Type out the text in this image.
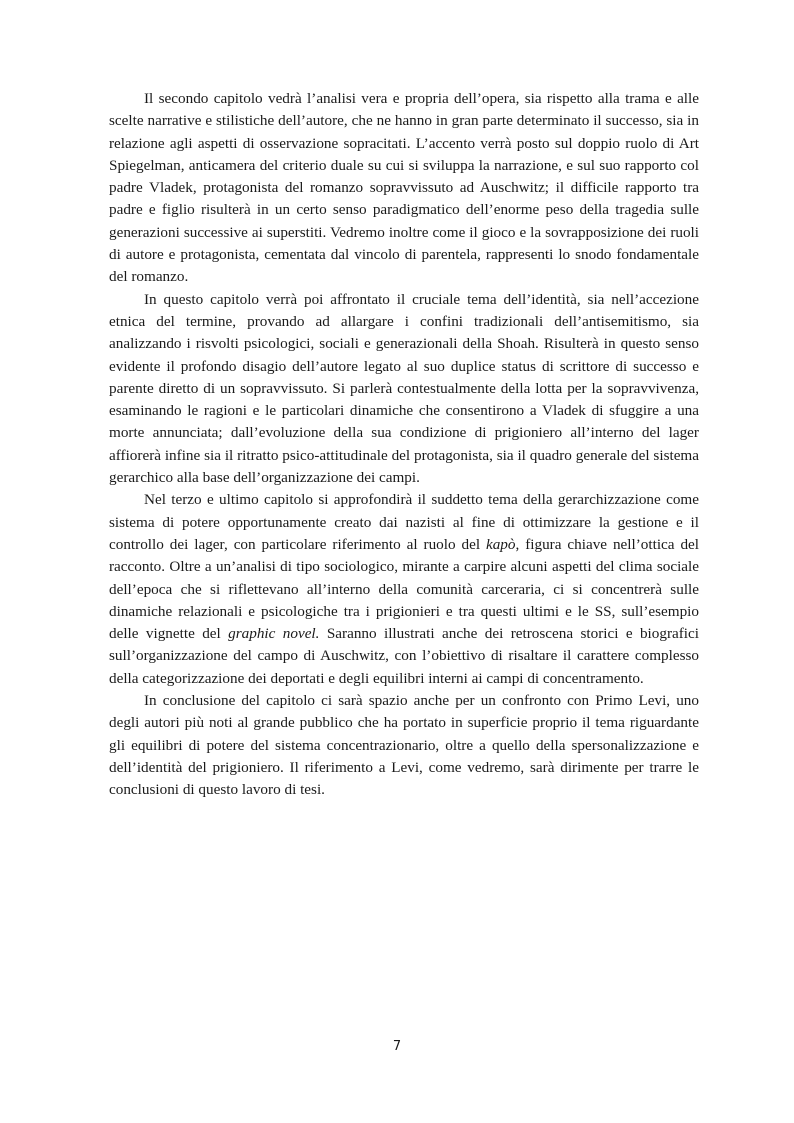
Il secondo capitolo vedrà l’analisi vera e propria dell’opera, sia rispetto alla trama e alle scelte narrative e stilistiche dell’autore, che ne hanno in gran parte determinato il successo, sia in relazione agli aspetti di osservazione sopracitati. L’accento verrà posto sul doppio ruolo di Art Spiegelman, anticamera del criterio duale su cui si sviluppa la narrazione, e sul suo rapporto col padre Vladek, protagonista del romanzo sopravvissuto ad Auschwitz; il difficile rapporto tra padre e figlio risulterà in un certo senso paradigmatico dell’enorme peso della tragedia sulle generazioni successive ai superstiti. Vedremo inoltre come il gioco e la sovrapposizione dei ruoli di autore e protagonista, cementata dal vincolo di parentela, rappresenti lo snodo fondamentale del romanzo.

In questo capitolo verrà poi affrontato il cruciale tema dell’identità, sia nell’accezione etnica del termine, provando ad allargare i confini tradizionali dell’antisemitismo, sia analizzando i risvolti psicologici, sociali e generazionali della Shoah. Risulterà in questo senso evidente il profondo disagio dell’autore legato al suo duplice status di scrittore di successo e parente diretto di un sopravvissuto. Si parlerà contestualmente della lotta per la sopravvivenza, esaminando le ragioni e le particolari dinamiche che consentirono a Vladek di sfuggire a una morte annunciata; dall’evoluzione della sua condizione di prigioniero all’interno del lager affiorerà infine sia il ritratto psico-attitudinale del protagonista, sia il quadro generale del sistema gerarchico alla base dell’organizzazione dei campi.

Nel terzo e ultimo capitolo si approfondirà il suddetto tema della gerarchizzazione come sistema di potere opportunamente creato dai nazisti al fine di ottimizzare la gestione e il controllo dei lager, con particolare riferimento al ruolo del kapò, figura chiave nell’ottica del racconto. Oltre a un’analisi di tipo sociologico, mirante a carpire alcuni aspetti del clima sociale dell’epoca che si riflettevano all’interno della comunità carceraria, ci si concentrerà sulle dinamiche relazionali e psicologiche tra i prigionieri e tra questi ultimi e le SS, sull’esempio delle vignette del graphic novel. Saranno illustrati anche dei retroscena storici e biografici sull’organizzazione del campo di Auschwitz, con l’obiettivo di risaltare il carattere complesso della categorizzazione dei deportati e degli equilibri interni ai campi di concentramento.

In conclusione del capitolo ci sarà spazio anche per un confronto con Primo Levi, uno degli autori più noti al grande pubblico che ha portato in superficie proprio il tema riguardante gli equilibri di potere del sistema concentrazionario, oltre a quello della spersonalizzazione e dell’identità del prigioniero. Il riferimento a Levi, come vedremo, sarà dirimente per trarre le conclusioni di questo lavoro di tesi.

7
